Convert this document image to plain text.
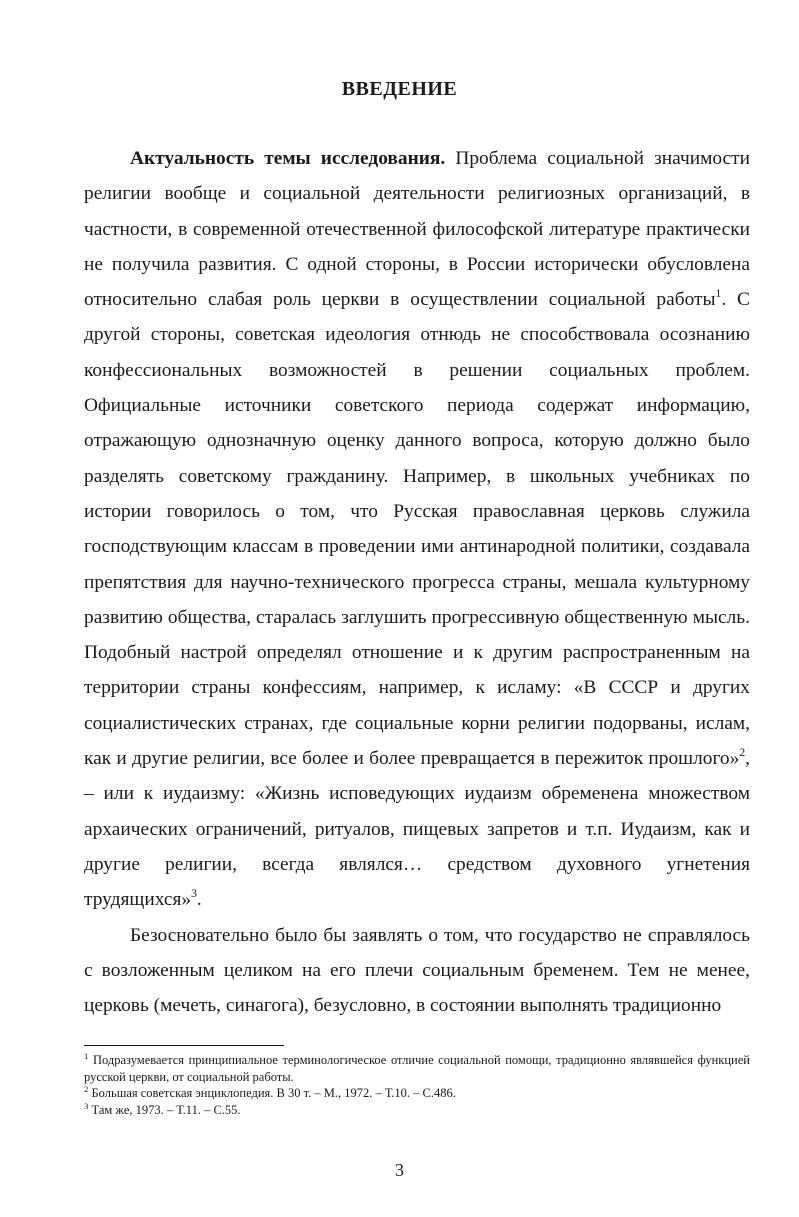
ВВЕДЕНИЕ

Актуальность темы исследования. Проблема социальной значимости религии вообще и социальной деятельности религиозных организаций, в частности, в современной отечественной философской литературе практически не получила развития. С одной стороны, в России исторически обусловлена относительно слабая роль церкви в осуществлении социальной работы$^1$. С другой стороны, советская идеология отнюдь не способствовала осознанию конфессиональных возможностей в решении социальных проблем. Официальные источники советского периода содержат информацию, отражающую однозначную оценку данного вопроса, которую должно было разделять советскому гражданину. Например, в школьных учебниках по истории говорилось о том, что Русская православная церковь служила господствующим классам в проведении ими антинародной политики, создавала препятствия для научно-технического прогресса страны, мешала культурному развитию общества, старалась заглушить прогрессивную общественную мысль. Подобный настрой определял отношение и к другим распространенным на территории страны конфессиям, например, к исламу: «В СССР и других социалистических странах, где социальные корни религии подорваны, ислам, как и другие религии, все более и более превращается в пережиток прошлого»$^2$, – или к иудаизму: «Жизнь исповедующих иудаизм обременена множеством архаических ограничений, ритуалов, пищевых запретов и т.п. Иудаизм, как и другие религии, всегда являлся… средством духовного угнетения трудящихся»$^3$.

Безосновательно было бы заявлять о том, что государство не справлялось с возложенным целиком на его плечи социальным бременем. Тем не менее, церковь (мечеть, синагога), безусловно, в состоянии выполнять традиционно

$^1$ Подразумевается принципиальное терминологическое отличие социальной помощи, традиционно являвшейся функцией русской церкви, от социальной работы.

$^2$ Большая советская энциклопедия. В 30 т. – М., 1972. – Т.10. – С.486.

$^3$ Там же, 1973. – Т.11. – С.55.

3
